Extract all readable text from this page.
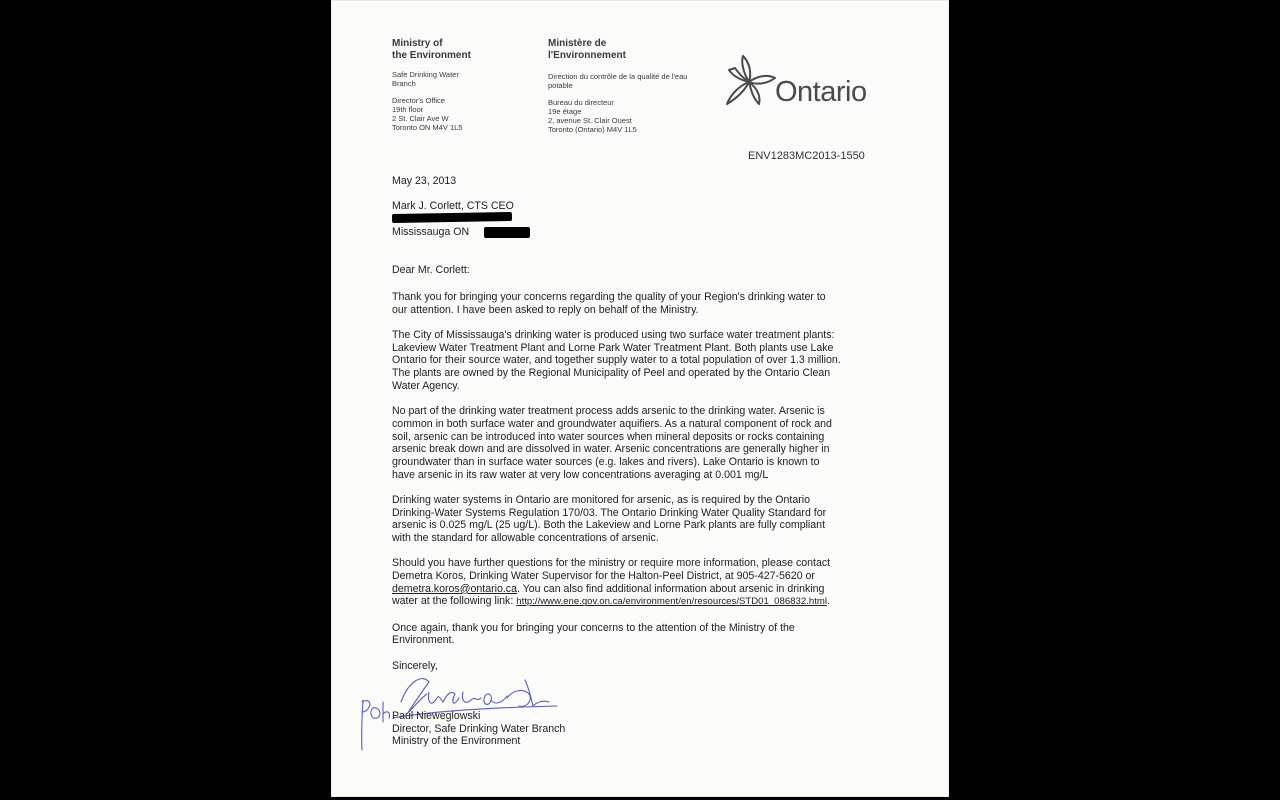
Ministry of
the Environment
Safe Drinking Water
Branch
Director's Office
19th floor
2 St. Clair Ave W
Toronto ON M4V 1L5
Ministère de
l'Environnement
Direction du contrôle de la qualité de l'eau
potable
Bureau du directeur
19e étage
2, avenue St. Clair Ouest
Toronto (Ontario) M4V 1L5
Ontario
ENV1283MC2013-1550
May 23, 2013
Mark J. Corlett, CTS CEO
Mississauga ON
Dear Mr. Corlett:
Thank you for bringing your concerns regarding the quality of your Region's drinking water to
our attention. I have been asked to reply on behalf of the Ministry.
The City of Mississauga's drinking water is produced using two surface water treatment plants:
Lakeview Water Treatment Plant and Lorne Park Water Treatment Plant. Both plants use Lake
Ontario for their source water, and together supply water to a total population of over 1.3 million.
The plants are owned by the Regional Municipality of Peel and operated by the Ontario Clean
Water Agency.
No part of the drinking water treatment process adds arsenic to the drinking water. Arsenic is
common in both surface water and groundwater aquifiers. As a natural component of rock and
soil, arsenic can be introduced into water sources when mineral deposits or rocks containing
arsenic break down and are dissolved in water. Arsenic concentrations are generally higher in
groundwater than in surface water sources (e.g. lakes and rivers). Lake Ontario is known to
have arsenic in its raw water at very low concentrations averaging at 0.001 mg/L
Drinking water systems in Ontario are monitored for arsenic, as is required by the Ontario
Drinking-Water Systems Regulation 170/03. The Ontario Drinking Water Quality Standard for
arsenic is 0.025 mg/L (25 ug/L). Both the Lakeview and Lorne Park plants are fully compliant
with the standard for allowable concentrations of arsenic.
Should you have further questions for the ministry or require more information, please contact
Demetra Koros, Drinking Water Supervisor for the Halton-Peel District, at 905-427-5620 or
demetra.koros@ontario.ca. You can also find additional information about arsenic in drinking
water at the following link: http://www.ene.gov.on.ca/environment/en/resources/STD01_086832.html.
Once again, thank you for bringing your concerns to the attention of the Ministry of the
Environment.
Sincerely,
Paul Nieweglowski
Director, Safe Drinking Water Branch
Ministry of the Environment
